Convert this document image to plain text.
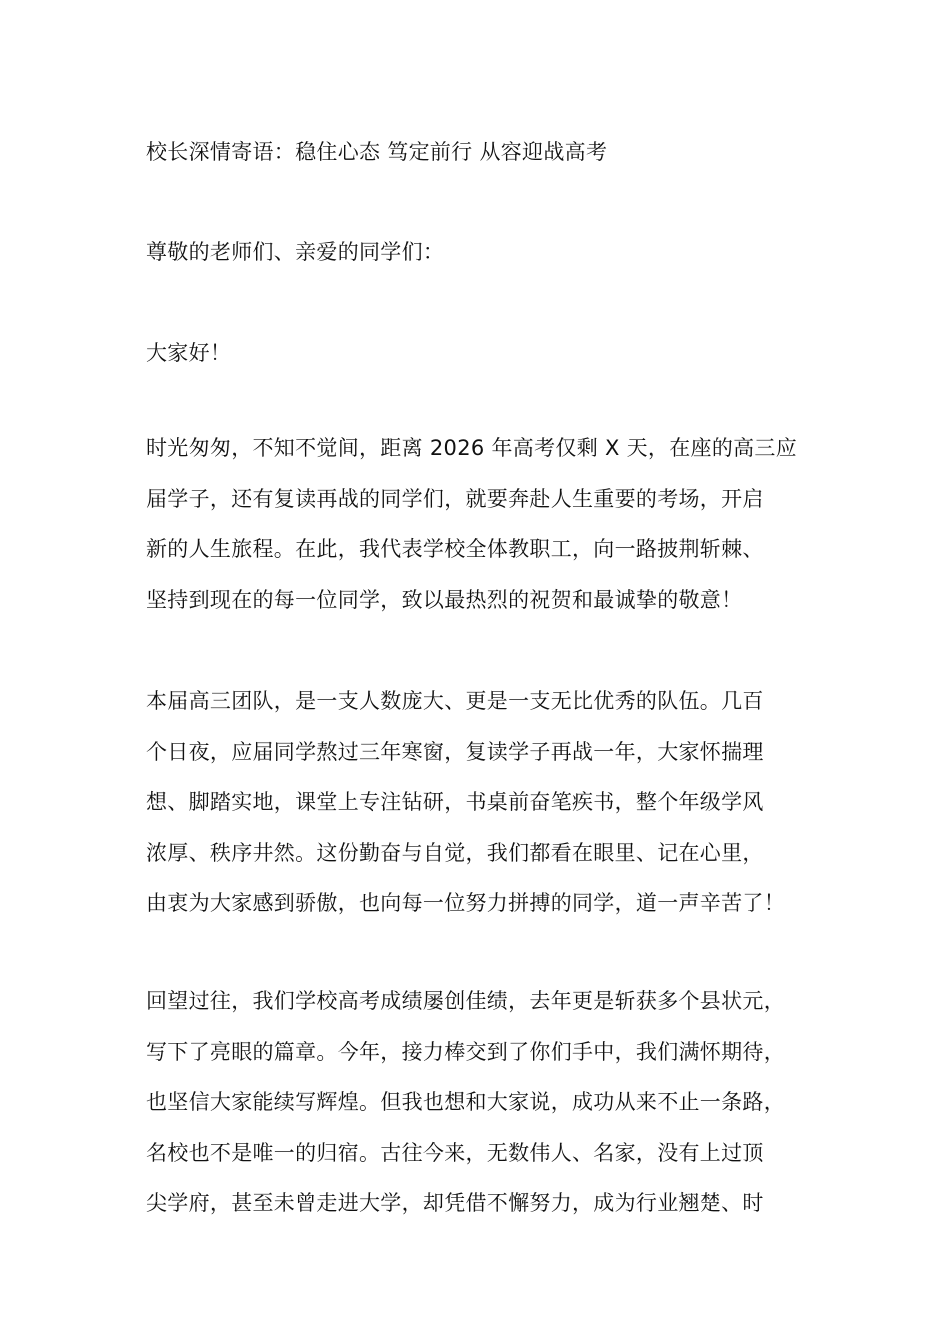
校长深情寄语：稳住心态 笃定前行 从容迎战高考
尊敬的老师们、亲爱的同学们：
大家好！
时光匆匆，不知不觉间，距离 2026 年高考仅剩 X 天，在座的高三应
届学子，还有复读再战的同学们，就要奔赴人生重要的考场，开启
新的人生旅程。在此，我代表学校全体教职工，向一路披荆斩棘、
坚持到现在的每一位同学，致以最热烈的祝贺和最诚挚的敬意！
本届高三团队，是一支人数庞大、更是一支无比优秀的队伍。几百
个日夜，应届同学熬过三年寒窗，复读学子再战一年，大家怀揣理
想、脚踏实地，课堂上专注钻研，书桌前奋笔疾书，整个年级学风
浓厚、秩序井然。这份勤奋与自觉，我们都看在眼里、记在心里，
由衷为大家感到骄傲，也向每一位努力拼搏的同学，道一声辛苦了！
回望过往，我们学校高考成绩屡创佳绩，去年更是斩获多个县状元，
写下了亮眼的篇章。今年，接力棒交到了你们手中，我们满怀期待，
也坚信大家能续写辉煌。但我也想和大家说，成功从来不止一条路，
名校也不是唯一的归宿。古往今来，无数伟人、名家，没有上过顶
尖学府，甚至未曾走进大学，却凭借不懈努力，成为行业翘楚、时
